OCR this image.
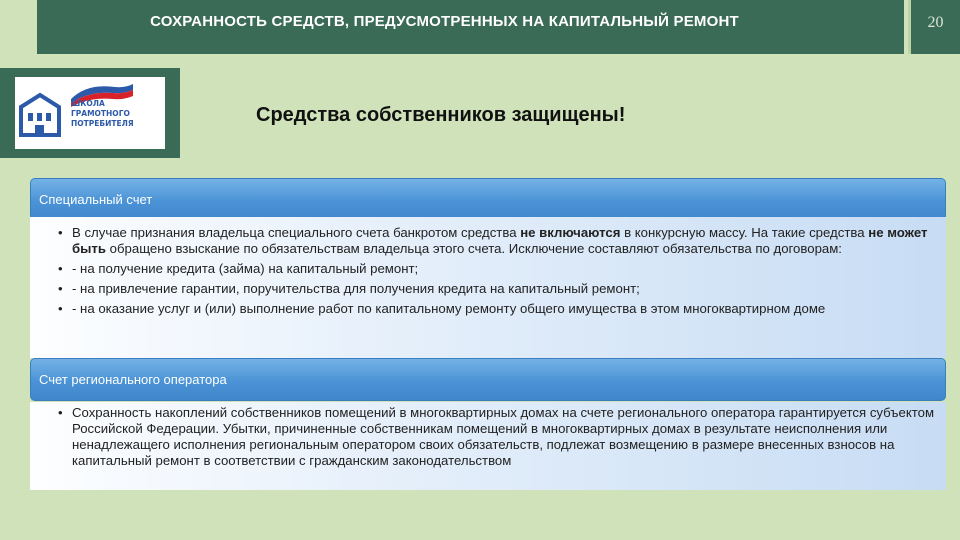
СОХРАННОСТЬ СРЕДСТВ, ПРЕДУСМОТРЕННЫХ НА КАПИТАЛЬНЫЙ РЕМОНТ	20
ШКОЛА
ГРАМОТНОГО
ПОТРЕБИТЕЛЯ	Средства собственников защищены!
Специальный счет
• В случае признания владельца специального счета банкротом средства не включаются в конкурсную массу. На такие средства не может быть обращено взыскание по обязательствам владельца этого счета. Исключение составляют обязательства по договорам:
• - на получение кредита (займа) на капитальный ремонт;
• - на привлечение гарантии, поручительства для получения кредита на капитальный ремонт;
• - на оказание услуг и (или) выполнение работ по капитальному ремонту общего имущества в этом многоквартирном доме
Счет регионального оператора
• Сохранность накоплений собственников помещений в многоквартирных домах на счете регионального оператора гарантируется субъектом Российской Федерации. Убытки, причиненные собственникам помещений в многоквартирных домах в результате неисполнения или ненадлежащего исполнения региональным оператором своих обязательств, подлежат возмещению в размере внесенных взносов на капитальный ремонт в соответствии с гражданским законодательством
